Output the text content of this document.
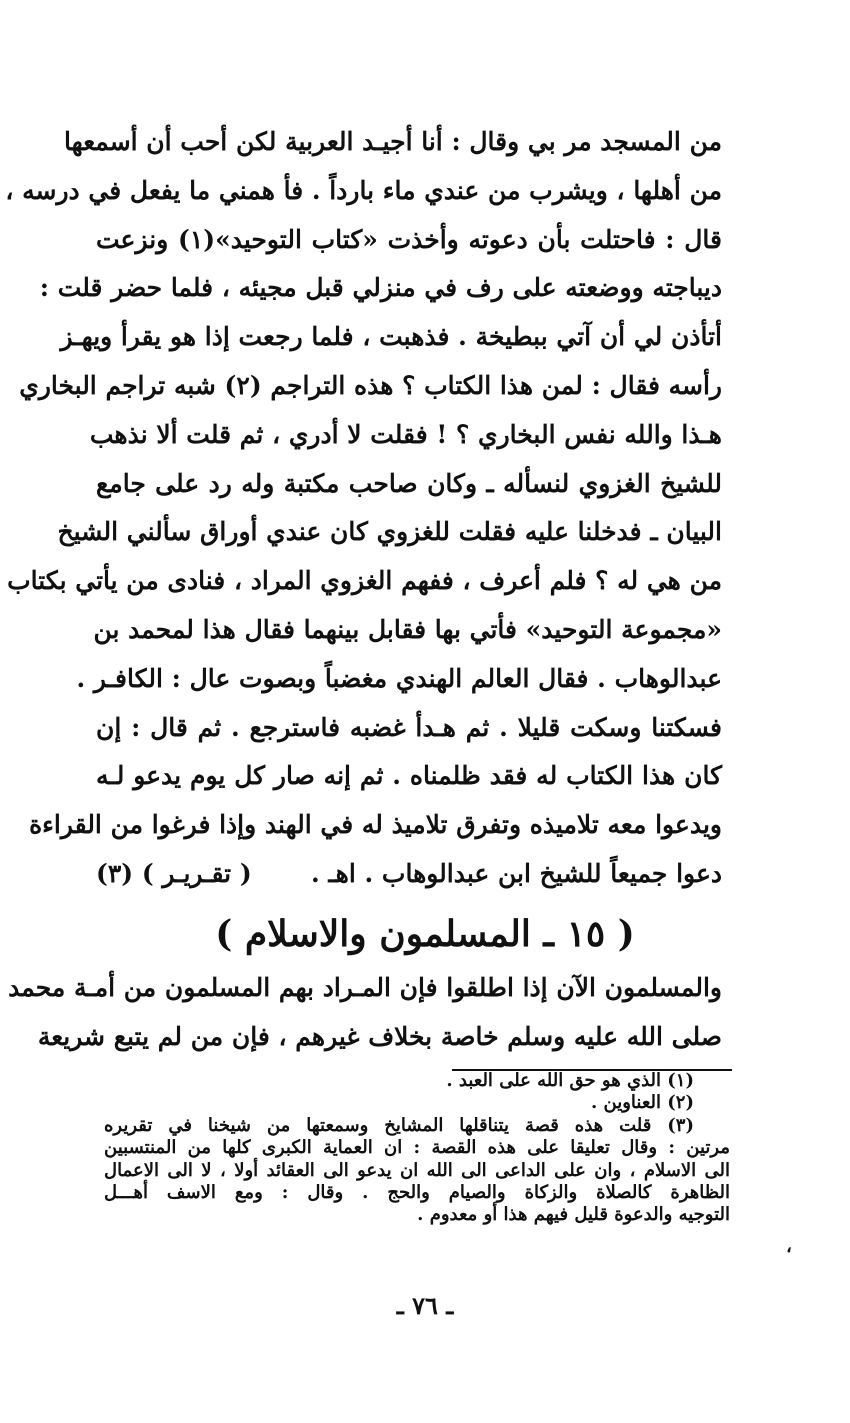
من المسجد مر بي وقال : أنا أجيـد العربية لكن أحب أن أسمعها
من أهلها ، ويشرب من عندي ماء بارداً . فأ همني ما يفعل في درسه ،
قال : فاحتلت بأن دعوته وأخذت «كتاب التوحيد»(١) ونزعت
ديباجته ووضعته على رف في منزلي قبل مجيئه ، فلما حضر قلت :
أتأذن لي أن آتي ببطيخة . فذهبت ، فلما رجعت إذا هو يقرأ ويهـز
رأسه فقال : لمن هذا الكتاب ؟ هذه التراجم (٢) شبه تراجم البخاري
هـذا والله نفس البخاري ؟ ! فقلت لا أدري ، ثم قلت ألا نذهب
للشيخ الغزوي لنسأله ـ وكان صاحب مكتبة وله رد على جامع
البيان ـ فدخلنا عليه فقلت للغزوي كان عندي أوراق سألني الشيخ
من هي له ؟ فلم أعرف ، ففهم الغزوي المراد ، فنادى من يأتي بكتاب
«مجموعة التوحيد» فأتي بها فقابل بينهما فقال هذا لمحمد بن
عبدالوهاب . فقال العالم الهندي مغضباً وبصوت عال : الكافـر .
فسكتنا وسكت قليلا . ثم هـدأ غضبه فاسترجع . ثم قال : إن
كان هذا الكتاب له فقد ظلمناه . ثم إنه صار كل يوم يدعو لـه
ويدعوا معه تلاميذه وتفرق تلاميذ له في الهند وإذا فرغوا من القراءة
دعوا جميعاً للشيخ ابن عبدالوهاب . اهـ .
( تقـريـر ) (٣)
( ١٥ ـ المسلمون والاسلام )
والمسلمون الآن إذا اطلقوا فإن المـراد بهم المسلمون من أمـة محمد
صلى الله عليه وسلم خاصة بخلاف غيرهم ، فإن من لم يتبع شريعة
(١) الذي هو حق الله على العبد .
(٢) العناوين .
(٣) قلت هذه قصة يتناقلها المشايخ وسمعتها من شيخنا في تقريره
مرتين : وقال تعليقا على هذه القصة : ان العماية الكبرى كلها من المنتسبين
الى الاسلام ، وان على الداعى الى الله ان يدعو الى العقائد أولا ، لا الى الاعمال
الظاهرة كالصلاة والزكاة والصيام والحج . وقال : ومع الاسف أهـــل
التوجيه والدعوة قليل فيهم هذا أو معدوم .
،
ـ ٧٦ ـ
